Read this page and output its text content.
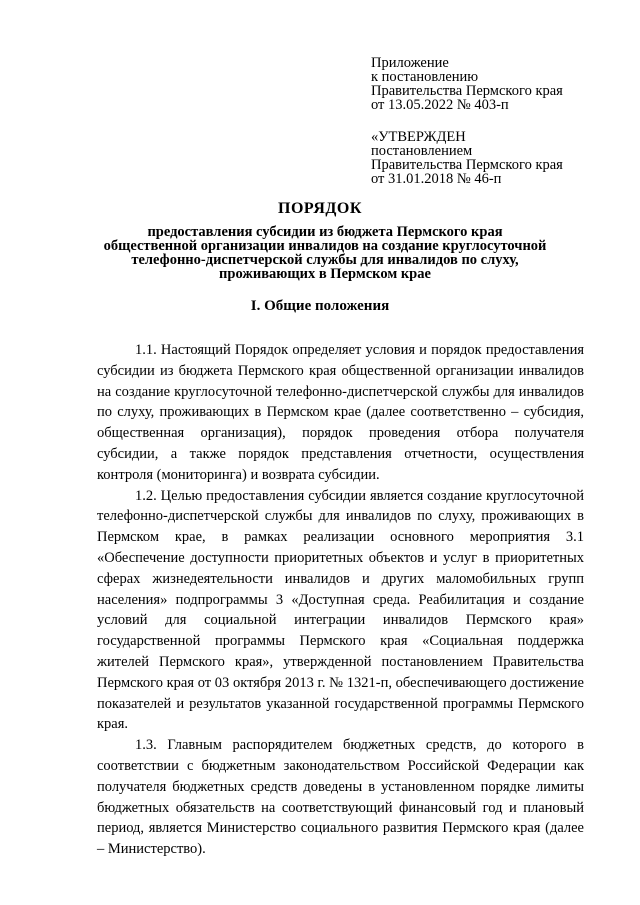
Приложение
к постановлению
Правительства Пермского края
от 13.05.2022 № 403-п
«УТВЕРЖДЕН
постановлением
Правительства Пермского края
от 31.01.2018 № 46-п
ПОРЯДОК
предоставления субсидии из бюджета Пермского края
общественной организации инвалидов на создание круглосуточной
телефонно-диспетчерской службы для инвалидов по слуху,
проживающих в Пермском крае
I. Общие положения

1.1. Настоящий Порядок определяет условия и порядок предоставления субсидии из бюджета Пермского края общественной организации инвалидов на создание круглосуточной телефонно-диспетчерской службы для инвалидов по слуху, проживающих в Пермском крае (далее соответственно – субсидия, общественная организация), порядок проведения отбора получателя субсидии, а также порядок представления отчетности, осуществления контроля (мониторинга) и возврата субсидии.

1.2. Целью предоставления субсидии является создание круглосуточной телефонно-диспетчерской службы для инвалидов по слуху, проживающих в Пермском крае, в рамках реализации основного мероприятия 3.1 «Обеспечение доступности приоритетных объектов и услуг в приоритетных сферах жизнедеятельности инвалидов и других маломобильных групп населения» подпрограммы 3 «Доступная среда. Реабилитация и создание условий для социальной интеграции инвалидов Пермского края» государственной программы Пермского края «Социальная поддержка жителей Пермского края», утвержденной постановлением Правительства Пермского края от 03 октября 2013 г. № 1321-п, обеспечивающего достижение показателей и результатов указанной государственной программы Пермского края.

1.3. Главным распорядителем бюджетных средств, до которого в соответствии с бюджетным законодательством Российской Федерации как получателя бюджетных средств доведены в установленном порядке лимиты бюджетных обязательств на соответствующий финансовый год и плановый период, является Министерство социального развития Пермского края (далее – Министерство).
